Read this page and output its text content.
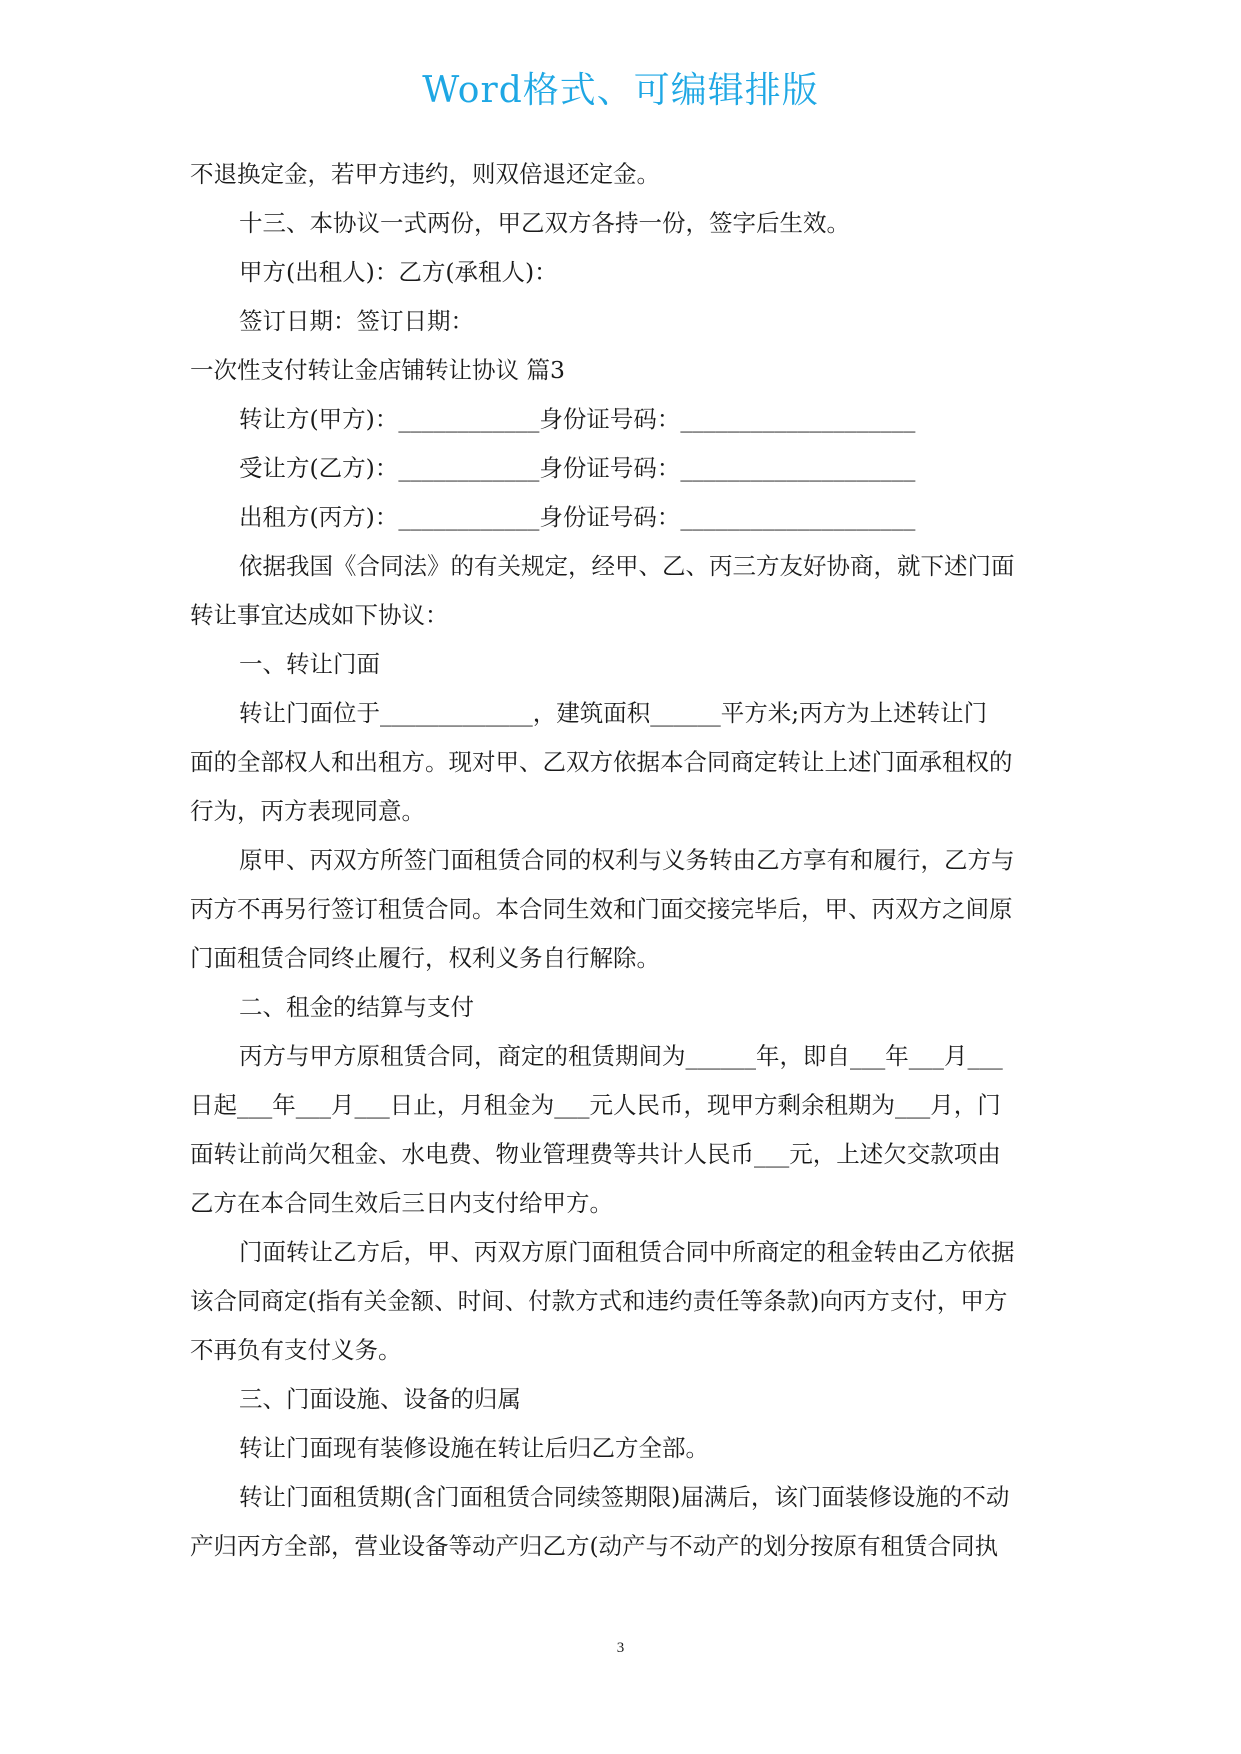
Word格式、可编辑排版
不退换定金，若甲方违约，则双倍退还定金。
十三、本协议一式两份，甲乙双方各持一份，签字后生效。
甲方(出租人)：乙方(承租人)：
签订日期：签订日期：
一次性支付转让金店铺转让协议 篇3
转让方(甲方)：____________身份证号码：____________________
受让方(乙方)：____________身份证号码：____________________
出租方(丙方)：____________身份证号码：____________________
依据我国《合同法》的有关规定，经甲、乙、丙三方友好协商，就下述门面
转让事宜达成如下协议：
一、转让门面
转让门面位于_____________，建筑面积______平方米;丙方为上述转让门
面的全部权人和出租方。现对甲、乙双方依据本合同商定转让上述门面承租权的
行为，丙方表现同意。
原甲、丙双方所签门面租赁合同的权利与义务转由乙方享有和履行，乙方与
丙方不再另行签订租赁合同。本合同生效和门面交接完毕后，甲、丙双方之间原
门面租赁合同终止履行，权利义务自行解除。
二、租金的结算与支付
丙方与甲方原租赁合同，商定的租赁期间为______年，即自___年___月___
日起___年___月___日止，月租金为___元人民币，现甲方剩余租期为___月，门
面转让前尚欠租金、水电费、物业管理费等共计人民币___元，上述欠交款项由
乙方在本合同生效后三日内支付给甲方。
门面转让乙方后，甲、丙双方原门面租赁合同中所商定的租金转由乙方依据
该合同商定(指有关金额、时间、付款方式和违约责任等条款)向丙方支付，甲方
不再负有支付义务。
三、门面设施、设备的归属
转让门面现有装修设施在转让后归乙方全部。
转让门面租赁期(含门面租赁合同续签期限)届满后，该门面装修设施的不动
产归丙方全部，营业设备等动产归乙方(动产与不动产的划分按原有租赁合同执
3
